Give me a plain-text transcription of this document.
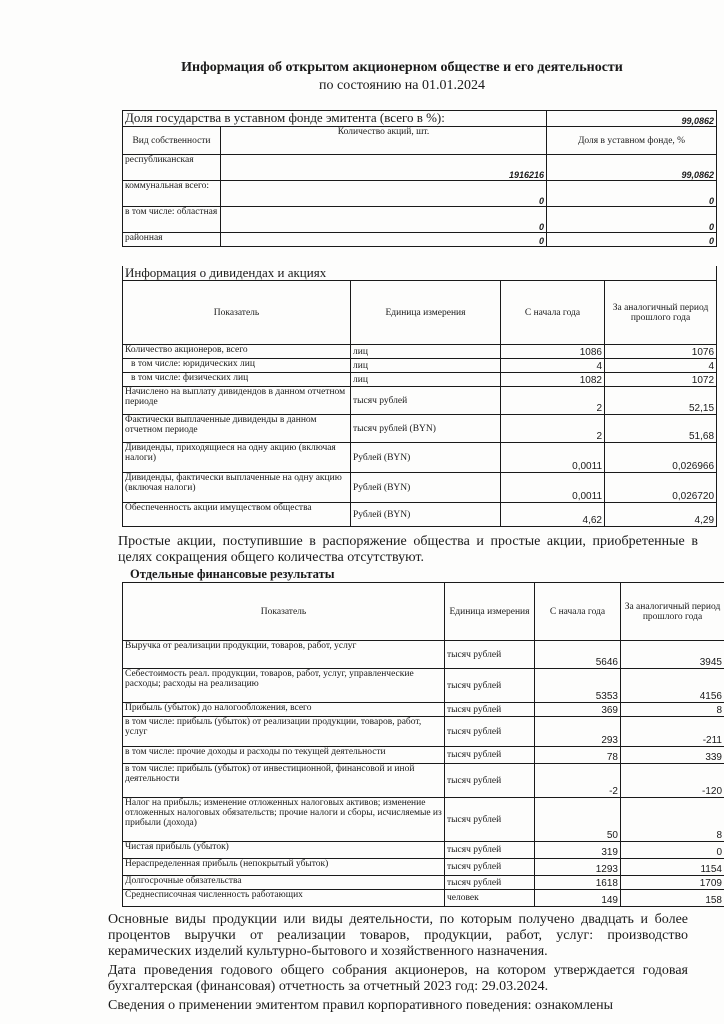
Информация об открытом акционерном обществе и его деятельности
по состоянию на 01.01.2024
Доля государства в уставном фонде эмитента (всего в %):		99,0862
Вид собственности	Количество акций, шт.	Доля в уставном фонде, %
республиканская	1916216	99,0862
коммунальная всего:	0	0
в том числе: областная	0	0
районная	0	0
Информация о дивидендах и акциях			
Показатель	Единица измерения	С начала года	За аналогичный период прошлого года
Количество акционеров, всего	лиц	1086	1076
в том числе: юридических лиц	лиц	4	4
в том числе: физических лиц	лиц	1082	1072
Начислено на выплату дивидендов в данном отчетном периоде	тысяч рублей	2	52,15
Фактически выплаченные дивиденды в данном отчетном периоде	тысяч рублей (BYN)	2	51,68
Дивиденды, приходящиеся на одну акцию (включая налоги)	Рублей (BYN)	0,0011	0,026966
Дивиденды, фактически выплаченные на одну акцию (включая налоги)	Рублей (BYN)	0,0011	0,026720
Обеспеченность акции имуществом общества	Рублей (BYN)	4,62	4,29
Простые акции, поступившие в распоряжение общества и простые акции, приобретенные в целях сокращения общего количества отсутствуют.
Отдельные финансовые результаты
Показатель	Единица измерения	С начала года	За аналогичный период прошлого года
Выручка от реализации продукции, товаров, работ, услуг	тысяч рублей	5646	3945
Себестоимость реал. продукции, товаров, работ, услуг, управленческие расходы; расходы на реализацию	тысяч рублей	5353	4156
Прибыль (убыток) до налогообложения, всего	тысяч рублей	369	8
в том числе: прибыль (убыток) от реализации продукции, товаров, работ, услуг	тысяч рублей	293	-211
в том числе: прочие доходы и расходы по текущей деятельности	тысяч рублей	78	339
в том числе: прибыль (убыток) от инвестиционной, финансовой и иной деятельности	тысяч рублей	-2	-120
Налог на прибыль; изменение отложенных налоговых активов; изменение отложенных налоговых обязательств; прочие налоги и сборы, исчисляемые из прибыли (дохода)	тысяч рублей	50	8
Чистая прибыль (убыток)	тысяч рублей	319	0
Нераспределенная прибыль (непокрытый убыток)	тысяч рублей	1293	1154
Долгосрочные обязательства	тысяч рублей	1618	1709
Среднесписочная численность работающих	человек	149	158
Основные виды продукции или виды деятельности, по которым получено двадцать и более процентов выручки от реализации товаров, продукции, работ, услуг: производство керамических изделий культурно-бытового и хозяйственного назначения.
Дата проведения годового общего собрания акционеров, на котором утверждается годовая бухгалтерская (финансовая) отчетность за отчетный 2023 год: 29.03.2024.
Сведения о применении эмитентом правил корпоративного поведения: ознакомлены
